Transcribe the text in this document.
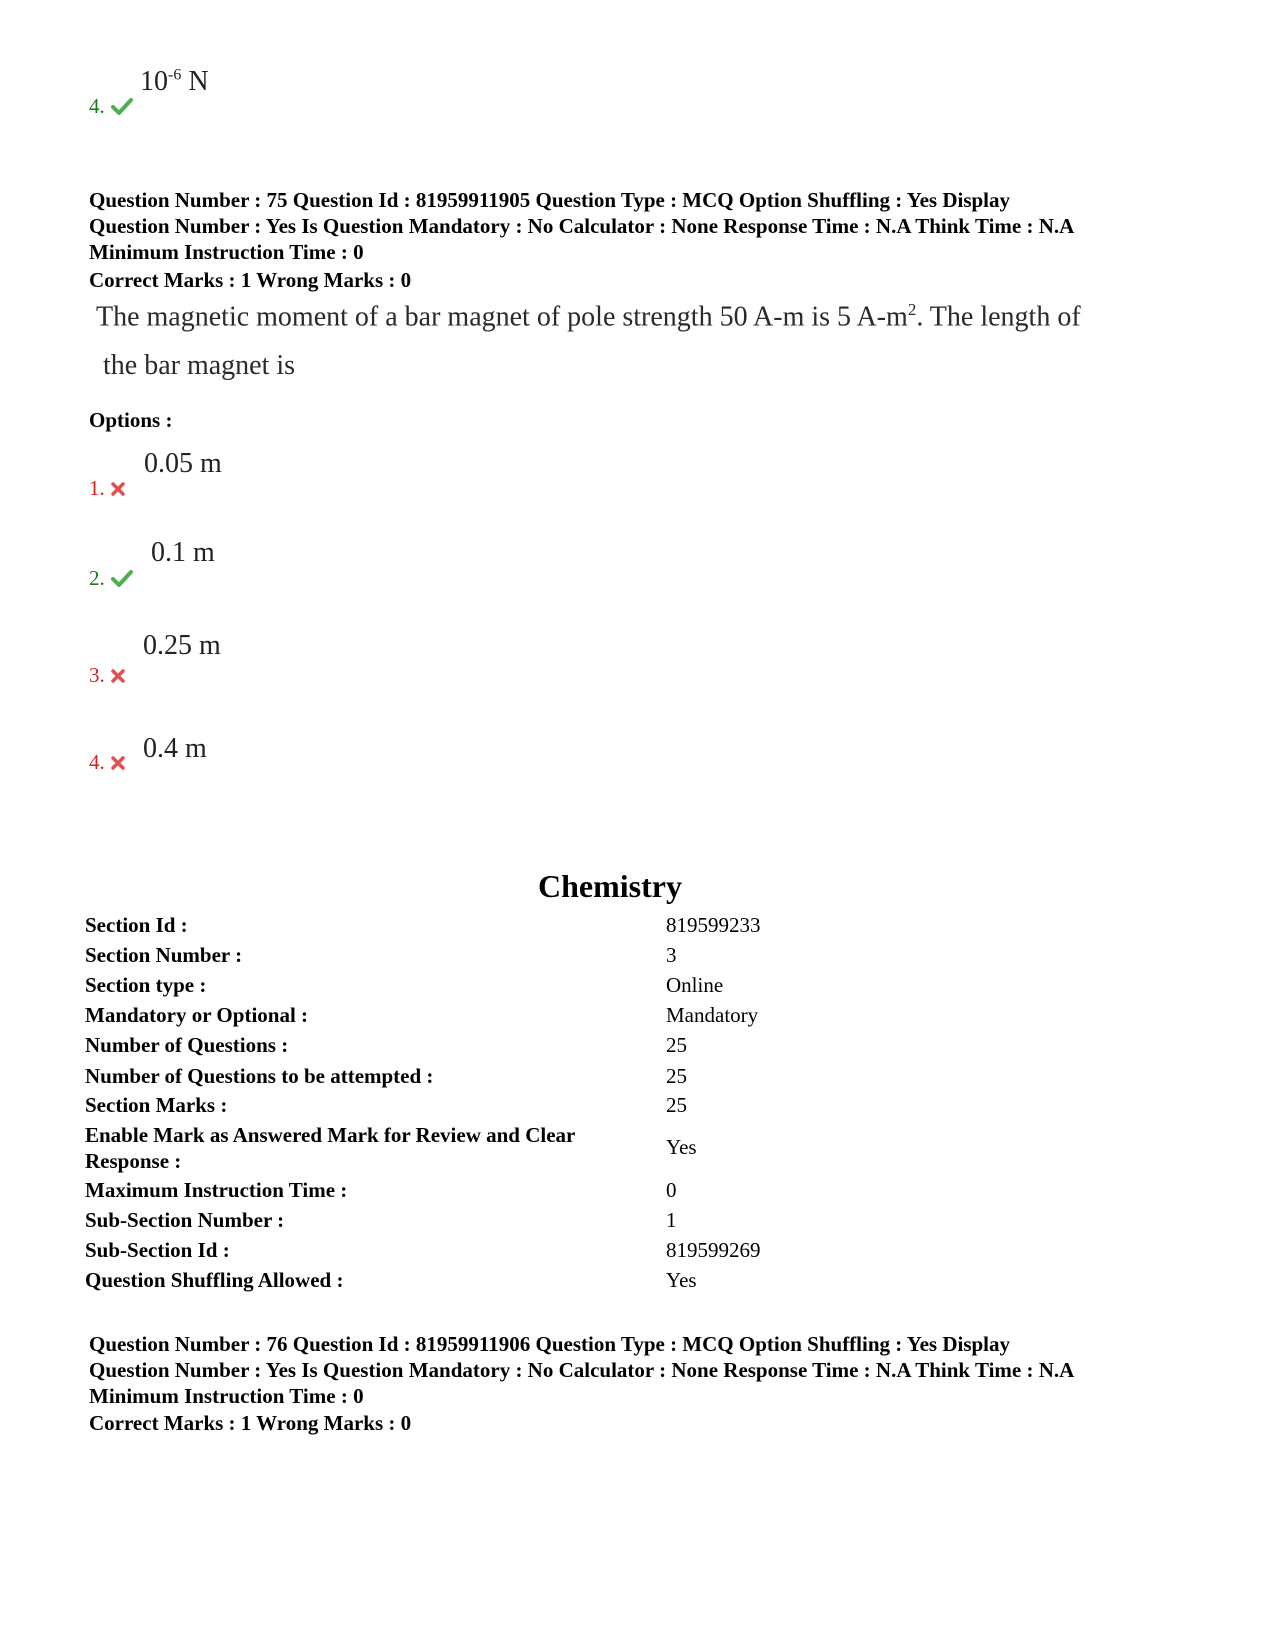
4.
$10^{-6}$ N
Question Number : 75 Question Id : 81959911905 Question Type : MCQ Option Shuffling : Yes Display
Question Number : Yes Is Question Mandatory : No Calculator : None Response Time : N.A Think Time : N.A
Minimum Instruction Time : 0
Correct Marks : 1 Wrong Marks : 0
The magnetic moment of a bar magnet of pole strength 50 A-m is 5 $A-m^2$. The length of
the bar magnet is
Options :
1.
0.05 m
2.
0.1 m
3.
0.25 m
4.	0.4 m
Chemistry
Section Id :	819599233
Section Number :	3
Section type :	Online
Mandatory or Optional :	Mandatory
Number of Questions :	25
Number of Questions to be attempted :	25
Section Marks :	25
Enable Mark as Answered Mark for Review and Clear
Response :
Yes
Maximum Instruction Time :	0
Sub-Section Number :	1
Sub-Section Id :	819599269
Question Shuffling Allowed :	Yes
Question Number : 76 Question Id : 81959911906 Question Type : MCQ Option Shuffling : Yes Display
Question Number : Yes Is Question Mandatory : No Calculator : None Response Time : N.A Think Time : N.A
Minimum Instruction Time : 0
Correct Marks : 1 Wrong Marks : 0
